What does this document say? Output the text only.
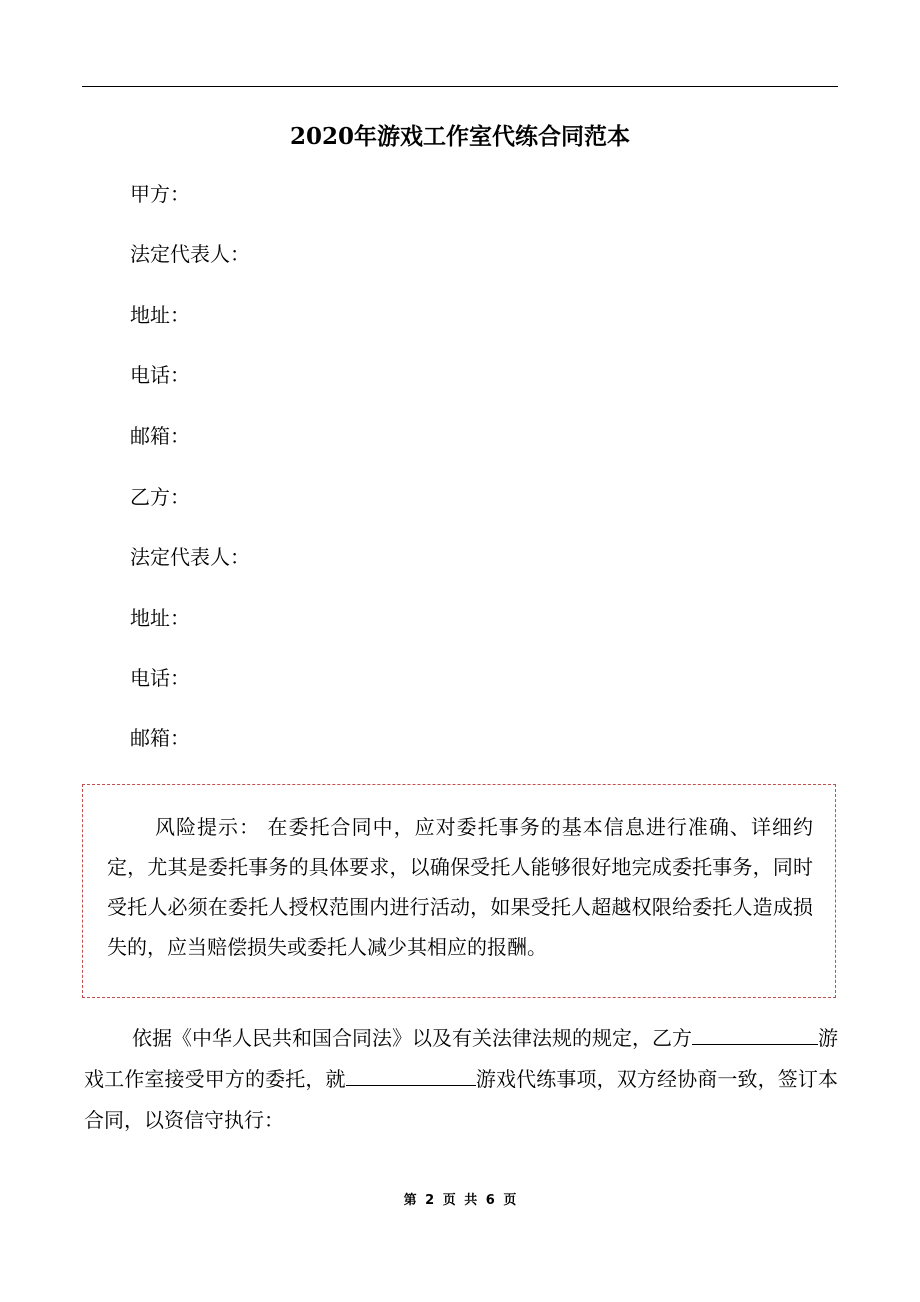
2020年游戏工作室代练合同范本
甲方：
法定代表人：
地址：
电话：
邮箱：
乙方：
法定代表人：
地址：
电话：
邮箱：
风险提示： 在委托合同中，应对委托事务的基本信息进行准确、详细约定，尤其是委托事务的具体要求，以确保受托人能够很好地完成委托事务，同时受托人必须在委托人授权范围内进行活动，如果受托人超越权限给委托人造成损失的，应当赔偿损失或委托人减少其相应的报酬。
依据《中华人民共和国合同法》以及有关法律法规的规定，乙方	游戏工作室接受甲方的委托，就	游戏代练事项，双方经协商一致，签订本合同，以资信守执行：
第 2 页 共 6 页
